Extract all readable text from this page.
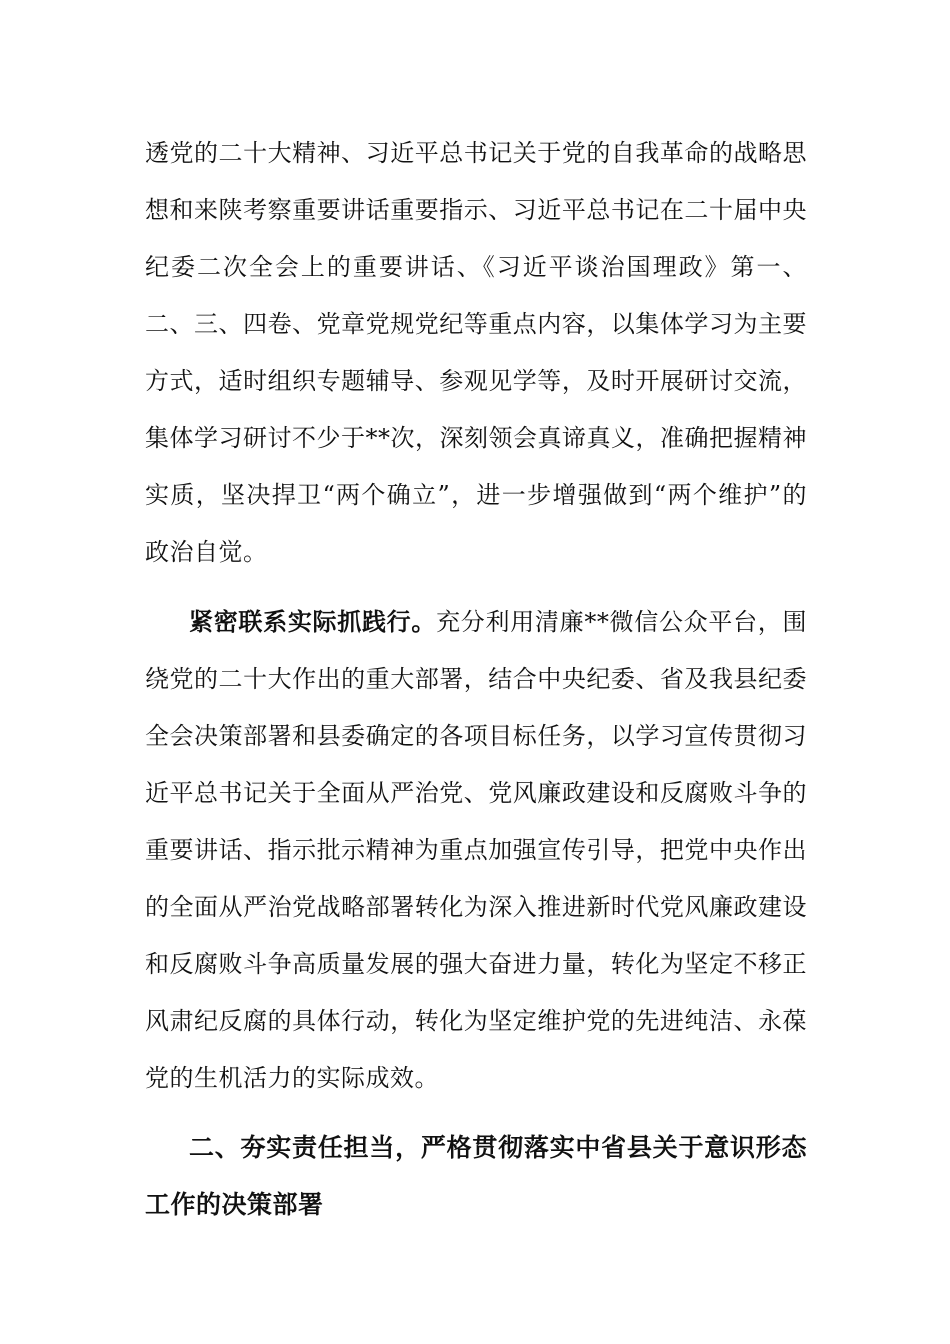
透党的二十大精神、习近平总书记关于党的自我革命的战略思想和来陕考察重要讲话重要指示、习近平总书记在二十届中央纪委二次全会上的重要讲话、《习近平谈治国理政》第一、二、三、四卷、党章党规党纪等重点内容，以集体学习为主要方式，适时组织专题辅导、参观见学等，及时开展研讨交流，集体学习研讨不少于**次，深刻领会真谛真义，准确把握精神实质，坚决捍卫“两个确立”，进一步增强做到“两个维护”的政治自觉。

紧密联系实际抓践行。充分利用清廉**微信公众平台，围绕党的二十大作出的重大部署，结合中央纪委、省及我县纪委全会决策部署和县委确定的各项目标任务，以学习宣传贯彻习近平总书记关于全面从严治党、党风廉政建设和反腐败斗争的重要讲话、指示批示精神为重点加强宣传引导，把党中央作出的全面从严治党战略部署转化为深入推进新时代党风廉政建设和反腐败斗争高质量发展的强大奋进力量，转化为坚定不移正风肃纪反腐的具体行动，转化为坚定维护党的先进纯洁、永葆党的生机活力的实际成效。

二、夯实责任担当，严格贯彻落实中省县关于意识形态工作的决策部署
